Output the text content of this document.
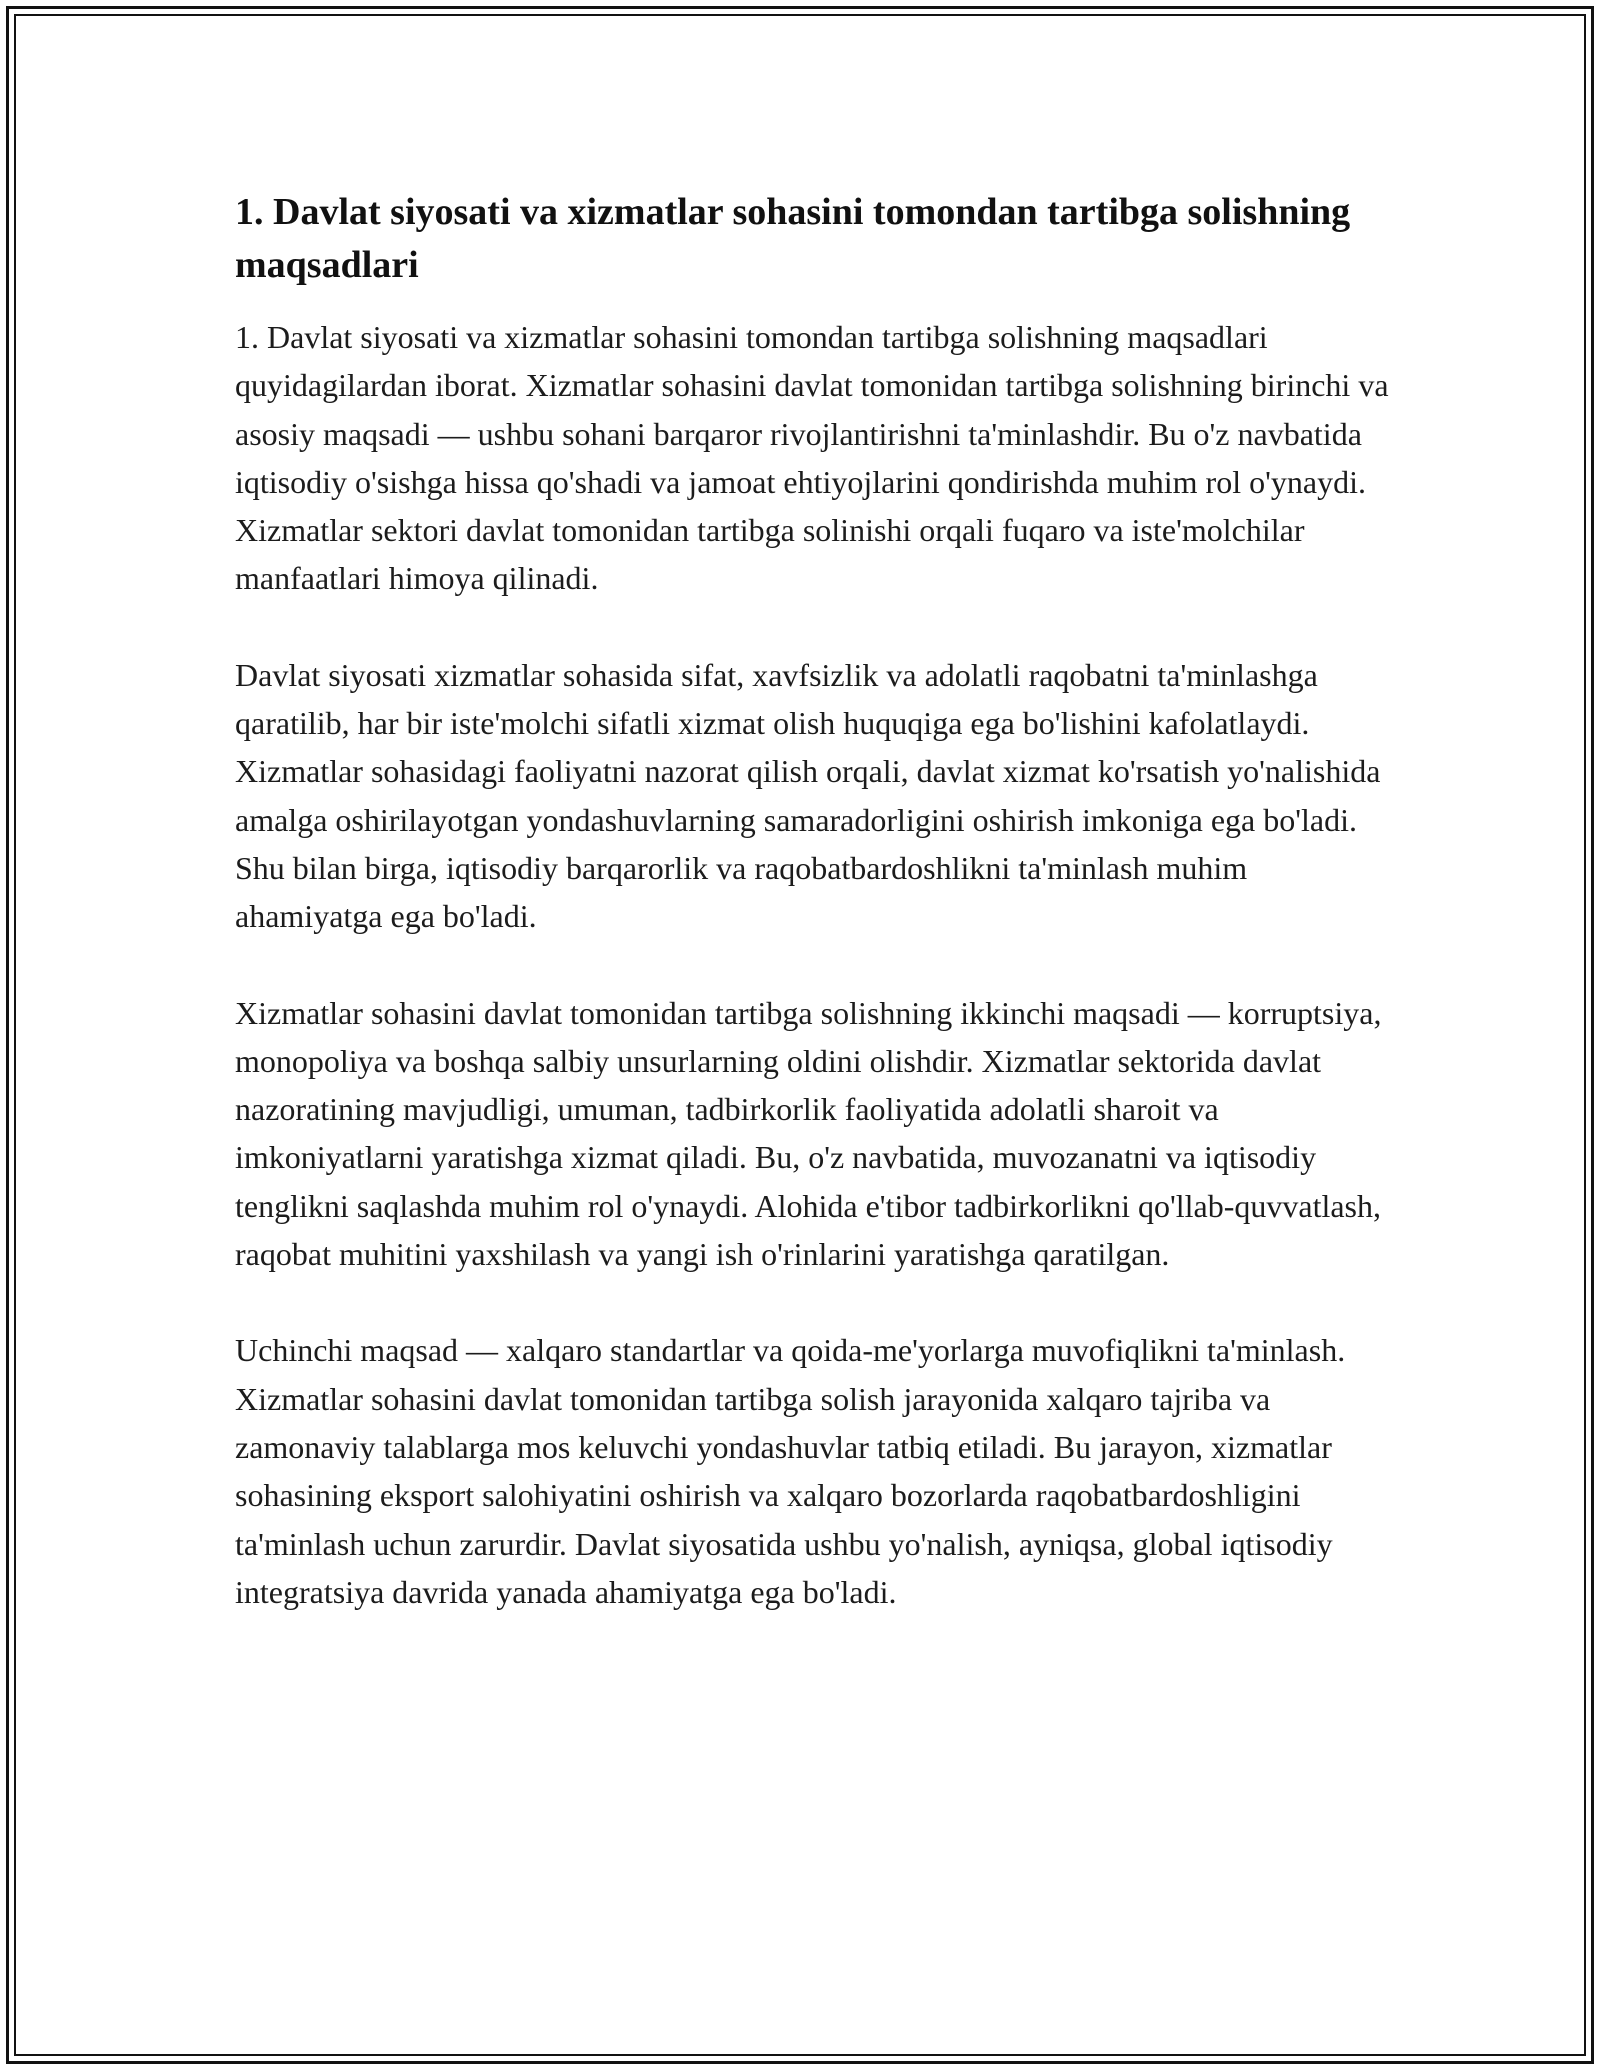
1. Davlat siyosati va xizmatlar sohasini tomondan tartibga solishning maqsadlari

1. Davlat siyosati va xizmatlar sohasini tomondan tartibga solishning maqsadlari quyidagilardan iborat. Xizmatlar sohasini davlat tomonidan tartibga solishning birinchi va asosiy maqsadi — ushbu sohani barqaror rivojlantirishni ta'minlashdir. Bu o'z navbatida iqtisodiy o'sishga hissa qo'shadi va jamoat ehtiyojlarini qondirishda muhim rol o'ynaydi. Xizmatlar sektori davlat tomonidan tartibga solinishi orqali fuqaro va iste'molchilar manfaatlari himoya qilinadi.

Davlat siyosati xizmatlar sohasida sifat, xavfsizlik va adolatli raqobatni ta'minlashga qaratilib, har bir iste'molchi sifatli xizmat olish huquqiga ega bo'lishini kafolatlaydi. Xizmatlar sohasidagi faoliyatni nazorat qilish orqali, davlat xizmat ko'rsatish yo'nalishida amalga oshirilayotgan yondashuvlarning samaradorligini oshirish imkoniga ega bo'ladi. Shu bilan birga, iqtisodiy barqarorlik va raqobatbardoshlikni ta'minlash muhim ahamiyatga ega bo'ladi.

Xizmatlar sohasini davlat tomonidan tartibga solishning ikkinchi maqsadi — korruptsiya, monopoliya va boshqa salbiy unsurlarning oldini olishdir. Xizmatlar sektorida davlat nazoratining mavjudligi, umuman, tadbirkorlik faoliyatida adolatli sharoit va imkoniyatlarni yaratishga xizmat qiladi. Bu, o'z navbatida, muvozanatni va iqtisodiy tenglikni saqlashda muhim rol o'ynaydi. Alohida e'tibor tadbirkorlikni qo'llab-quvvatlash, raqobat muhitini yaxshilash va yangi ish o'rinlarini yaratishga qaratilgan.

Uchinchi maqsad — xalqaro standartlar va qoida-me'yorlarga muvofiqlikni ta'minlash. Xizmatlar sohasini davlat tomonidan tartibga solish jarayonida xalqaro tajriba va zamonaviy talablarga mos keluvchi yondashuvlar tatbiq etiladi. Bu jarayon, xizmatlar sohasining eksport salohiyatini oshirish va xalqaro bozorlarda raqobatbardoshligini ta'minlash uchun zarurdir. Davlat siyosatida ushbu yo'nalish, ayniqsa, global iqtisodiy integratsiya davrida yanada ahamiyatga ega bo'ladi.
